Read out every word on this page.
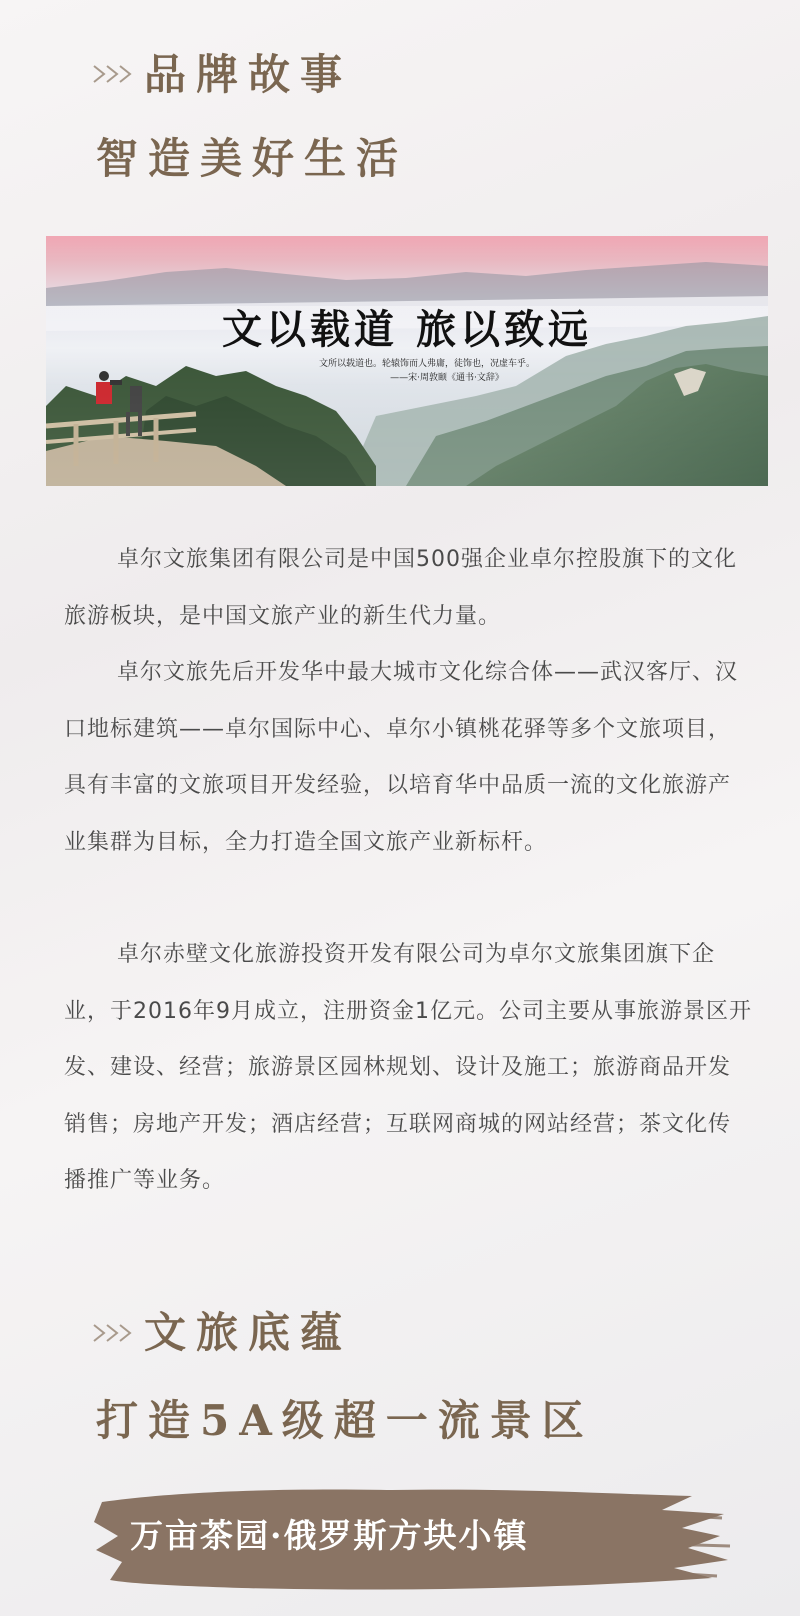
品牌故事
智造美好生活
文以载道 旅以致远
文所以载道也。轮辕饰而人弗庸，徒饰也，况虚车乎。
——宋·周敦颐《通书·文辞》

卓尔文旅集团有限公司是中国500强企业卓尔控股旗下的文化旅游板块，是中国文旅产业的新生代力量。

卓尔文旅先后开发华中最大城市文化综合体——武汉客厅、汉口地标建筑——卓尔国际中心、卓尔小镇桃花驿等多个文旅项目，具有丰富的文旅项目开发经验，以培育华中品质一流的文化旅游产业集群为目标，全力打造全国文旅产业新标杆。

卓尔赤壁文化旅游投资开发有限公司为卓尔文旅集团旗下企业，于2016年9月成立，注册资金1亿元。公司主要从事旅游景区开发、建设、经营；旅游景区园林规划、设计及施工；旅游商品开发销售；房地产开发；酒店经营；互联网商城的网站经营；茶文化传播推广等业务。

文旅底蕴
打造5A级超一流景区
万亩茶园·俄罗斯方块小镇
